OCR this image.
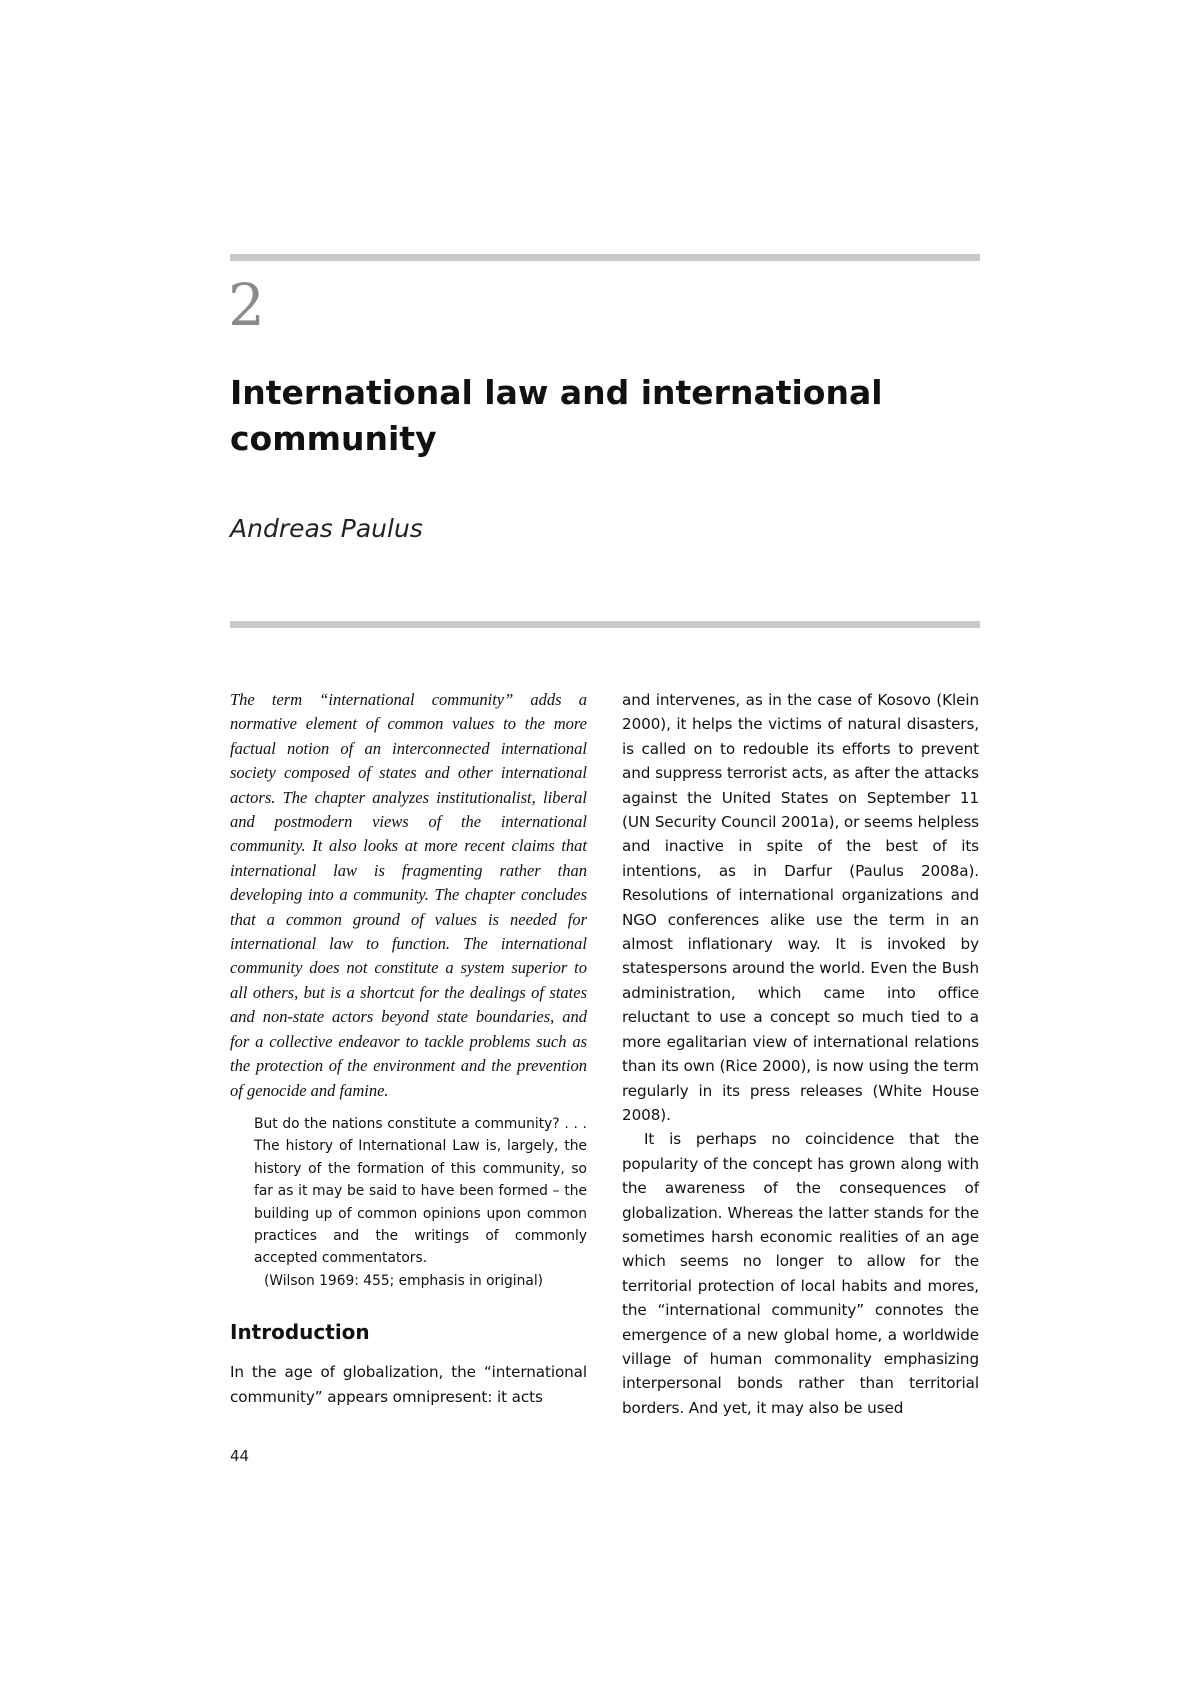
2
International law and international community
Andreas Paulus

The term “international community” adds a normative element of common values to the more factual notion of an interconnected international society composed of states and other international actors. The chapter analyzes institutionalist, liberal and postmodern views of the international community. It also looks at more recent claims that international law is fragmenting rather than developing into a community. The chapter concludes that a common ground of values is needed for international law to function. The international community does not constitute a system superior to all others, but is a shortcut for the dealings of states and non-state actors beyond state boundaries, and for a collective endeavor to tackle problems such as the protection of the environment and the prevention of genocide and famine.

But do the nations constitute a community? . . . The history of International Law is, largely, the history of the formation of this community, so far as it may be said to have been formed – the building up of common opinions upon common practices and the writings of commonly accepted commentators.

(Wilson 1969: 455; emphasis in original)

Introduction

In the age of globalization, the “international community” appears omnipresent: it acts

and intervenes, as in the case of Kosovo (Klein 2000), it helps the victims of natural disasters, is called on to redouble its efforts to prevent and suppress terrorist acts, as after the attacks against the United States on September 11 (UN Security Council 2001a), or seems helpless and inactive in spite of the best of its intentions, as in Darfur (Paulus 2008a). Resolutions of international organizations and NGO conferences alike use the term in an almost inflationary way. It is invoked by statespersons around the world. Even the Bush administration, which came into office reluctant to use a concept so much tied to a more egalitarian view of international relations than its own (Rice 2000), is now using the term regularly in its press releases (White House 2008).

It is perhaps no coincidence that the popularity of the concept has grown along with the awareness of the consequences of globalization. Whereas the latter stands for the sometimes harsh economic realities of an age which seems no longer to allow for the territorial protection of local habits and mores, the “international community” connotes the emergence of a new global home, a worldwide village of human commonality emphasizing interpersonal bonds rather than territorial borders. And yet, it may also be used

44
